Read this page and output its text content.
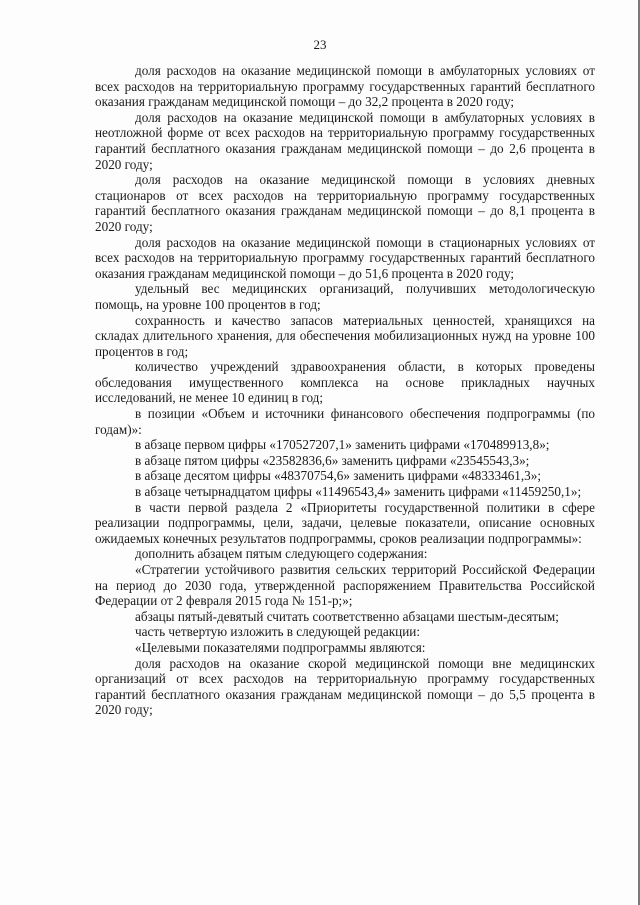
23

доля расходов на оказание медицинской помощи в амбулаторных условиях от всех расходов на территориальную программу государственных гарантий бесплатного оказания гражданам медицинской помощи – до 32,2 процента в 2020 году;

доля расходов на оказание медицинской помощи в амбулаторных условиях в неотложной форме от всех расходов на территориальную программу государственных гарантий бесплатного оказания гражданам медицинской помощи – до 2,6 процента в 2020 году;

доля расходов на оказание медицинской помощи в условиях дневных стационаров от всех расходов на территориальную программу государственных гарантий бесплатного оказания гражданам медицинской помощи – до 8,1 процента в 2020 году;

доля расходов на оказание медицинской помощи в стационарных условиях от всех расходов на территориальную программу государственных гарантий бесплатного оказания гражданам медицинской помощи – до 51,6 процента в 2020 году;

удельный вес медицинских организаций, получивших методологическую помощь, на уровне 100 процентов в год;

сохранность и качество запасов материальных ценностей, хранящихся на складах длительного хранения, для обеспечения мобилизационных нужд на уровне 100 процентов в год;

количество учреждений здравоохранения области, в которых проведены обследования имущественного комплекса на основе прикладных научных исследований, не менее 10 единиц в год;

в позиции «Объем и источники финансового обеспечения подпрограммы (по годам)»:

в абзаце первом цифры «170527207,1» заменить цифрами «170489913,8»;

в абзаце пятом цифры «23582836,6» заменить цифрами «23545543,3»;

в абзаце десятом цифры «48370754,6» заменить цифрами «48333461,3»;

в абзаце четырнадцатом цифры «11496543,4» заменить цифрами «11459250,1»;

в части первой раздела 2 «Приоритеты государственной политики в сфере реализации подпрограммы, цели, задачи, целевые показатели, описание основных ожидаемых конечных результатов подпрограммы, сроков реализации подпрограммы»:

дополнить абзацем пятым следующего содержания:

«Стратегии устойчивого развития сельских территорий Российской Федерации на период до 2030 года, утвержденной распоряжением Правительства Российской Федерации от 2 февраля 2015 года № 151-р;»;

абзацы пятый-девятый считать соответственно абзацами шестым-десятым;

часть четвертую изложить в следующей редакции:

«Целевыми показателями подпрограммы являются:

доля расходов на оказание скорой медицинской помощи вне медицинских организаций от всех расходов на территориальную программу государственных гарантий бесплатного оказания гражданам медицинской помощи – до 5,5 процента в 2020 году;
